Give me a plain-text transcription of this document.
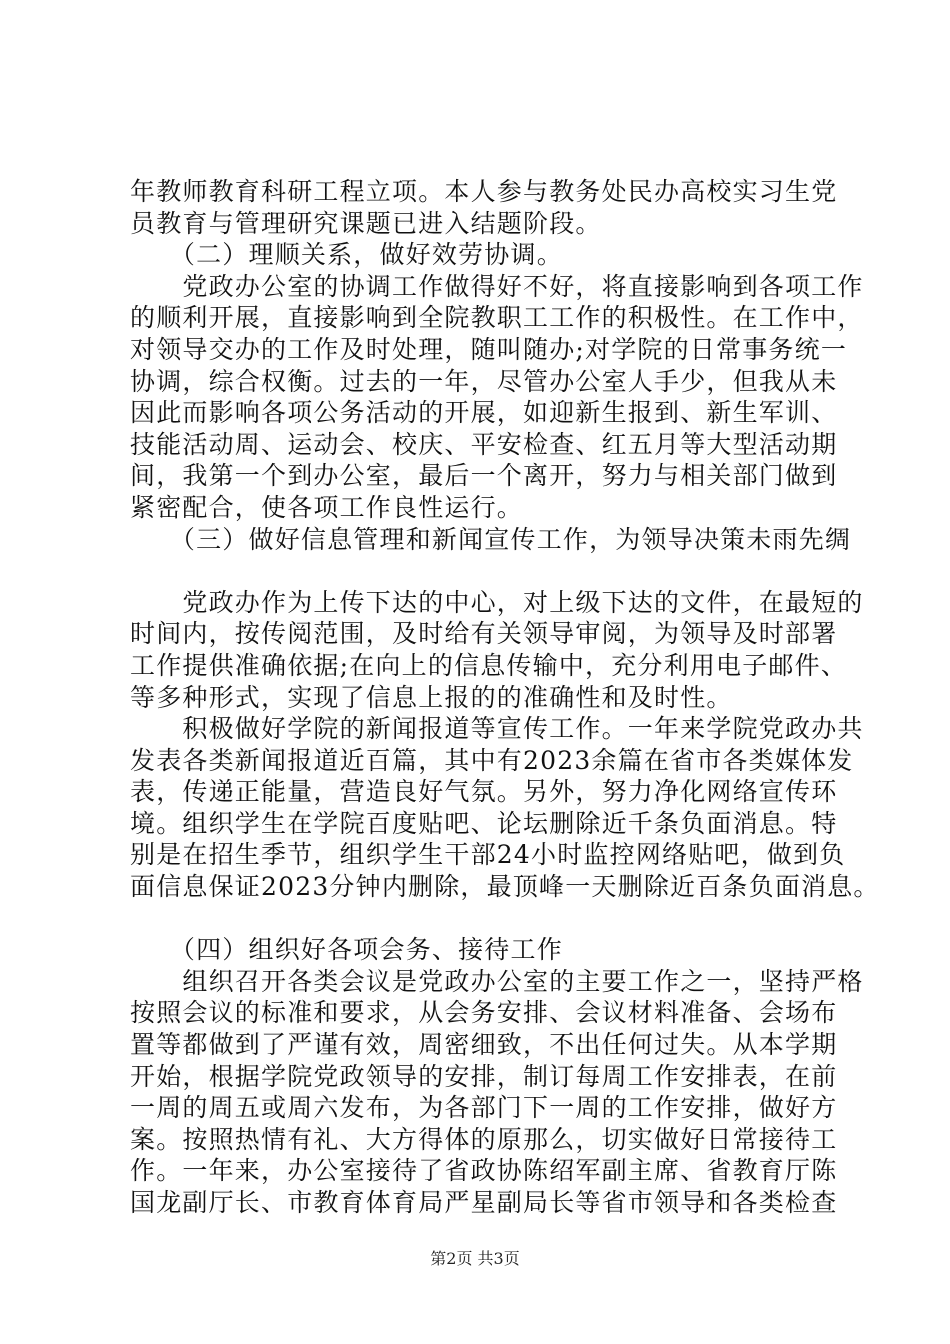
年教师教育科研工程立项。本人参与教务处民办高校实习生党
员教育与管理研究课题已进入结题阶段。
　　（二）理顺关系，做好效劳协调。
　　党政办公室的协调工作做得好不好，将直接影响到各项工作
的顺利开展，直接影响到全院教职工工作的积极性。在工作中，
对领导交办的工作及时处理，随叫随办;对学院的日常事务统一
协调，综合权衡。过去的一年，尽管办公室人手少，但我从未
因此而影响各项公务活动的开展，如迎新生报到、新生军训、
技能活动周、运动会、校庆、平安检查、红五月等大型活动期
间，我第一个到办公室，最后一个离开，努力与相关部门做到
紧密配合，使各项工作良性运行。
　　（三）做好信息管理和新闻宣传工作，为领导决策未雨先绸
　　党政办作为上传下达的中心，对上级下达的文件，在最短的
时间内，按传阅范围，及时给有关领导审阅，为领导及时部署
工作提供准确依据;在向上的信息传输中，充分利用电子邮件、
等多种形式，实现了信息上报的的准确性和及时性。
　　积极做好学院的新闻报道等宣传工作。一年来学院党政办共
发表各类新闻报道近百篇，其中有2023余篇在省市各类媒体发
表，传递正能量，营造良好气氛。另外，努力净化网络宣传环
境。组织学生在学院百度贴吧、论坛删除近千条负面消息。特
别是在招生季节，组织学生干部24小时监控网络贴吧，做到负
面信息保证2023分钟内删除，最顶峰一天删除近百条负面消息。
　　（四）组织好各项会务、接待工作
　　组织召开各类会议是党政办公室的主要工作之一，坚持严格
按照会议的标准和要求，从会务安排、会议材料准备、会场布
置等都做到了严谨有效，周密细致，不出任何过失。从本学期
开始，根据学院党政领导的安排，制订每周工作安排表，在前
一周的周五或周六发布，为各部门下一周的工作安排，做好方
案。按照热情有礼、大方得体的原那么，切实做好日常接待工
作。一年来，办公室接待了省政协陈绍军副主席、省教育厅陈
国龙副厅长、市教育体育局严星副局长等省市领导和各类检查
第2页 共3页
